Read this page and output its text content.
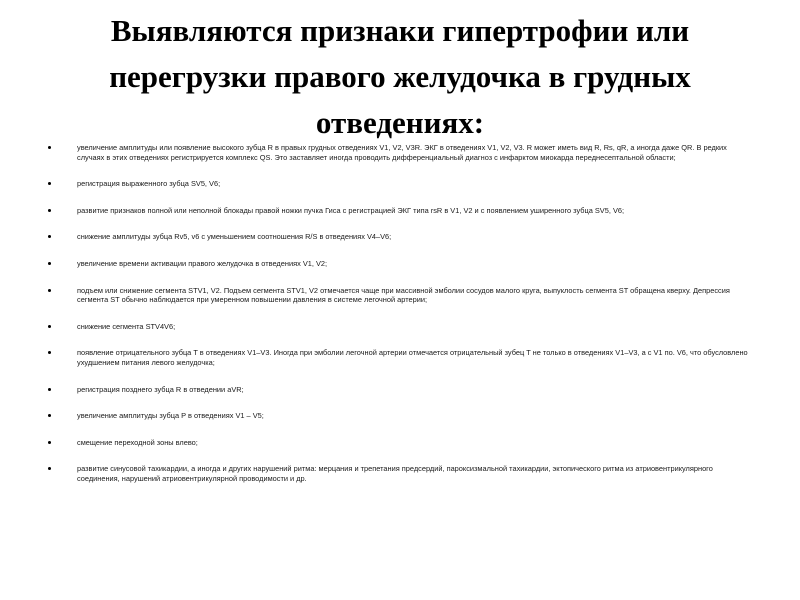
Выявляются признаки гипертрофии или перегрузки правого желудочка в грудных отведениях:
увеличение амплитуды или появление высокого зубца R в правых грудных отведениях V1, V2, V3R. ЭКГ в отведениях V1, V2, V3. R может иметь вид R, Rs, qR, а иногда даже QR. В редких случаях в этих отведениях регистрируется комплекс QS. Это заставляет иногда проводить дифференциальный диагноз с инфарктом миокарда переднесептальной области;
регистрация выраженного зубца SV5, V6;
развитие признаков полной или неполной блокады правой ножки пучка Гиса с регистрацией ЭКГ типа rsR в V1, V2 и с появлением уширенного зубца SV5, V6;
снижение амплитуды зубца Rv5, v6 с уменьшением соотношения R/S в отведениях V4–V6;
увеличение времени активации правого желудочка в отведениях V1, V2;
подъем или снижение сегмента STV1, V2. Подъем сегмента STV1, V2 отмечается чаще при массивной эмболии сосудов малого круга, выпуклость сегмента ST обращена кверху. Депрессия сегмента ST обычно наблюдается при умеренном повышении давления в системе легочной артерии;
снижение сегмента STV4V6;
появление отрицательного зубца T в отведениях V1–V3. Иногда при эмболии легочной артерии отмечается отрицательный зубец T не только в отведениях V1–V3, а с V1 по. V6, что обусловлено ухудшением питания левого желудочка;
регистрация позднего зубца R в отведении aVR;
увеличение амплитуды зубца P в отведениях V1 – V5;
смещение переходной зоны влево;
развитие синусовой тахикардии, а иногда и других нарушений ритма: мерцания и трепетания предсердий, пароксизмальной тахикардии, эктопического ритма из атриовентрикулярного соединения, нарушений атриовентрикулярной проводимости и др.
